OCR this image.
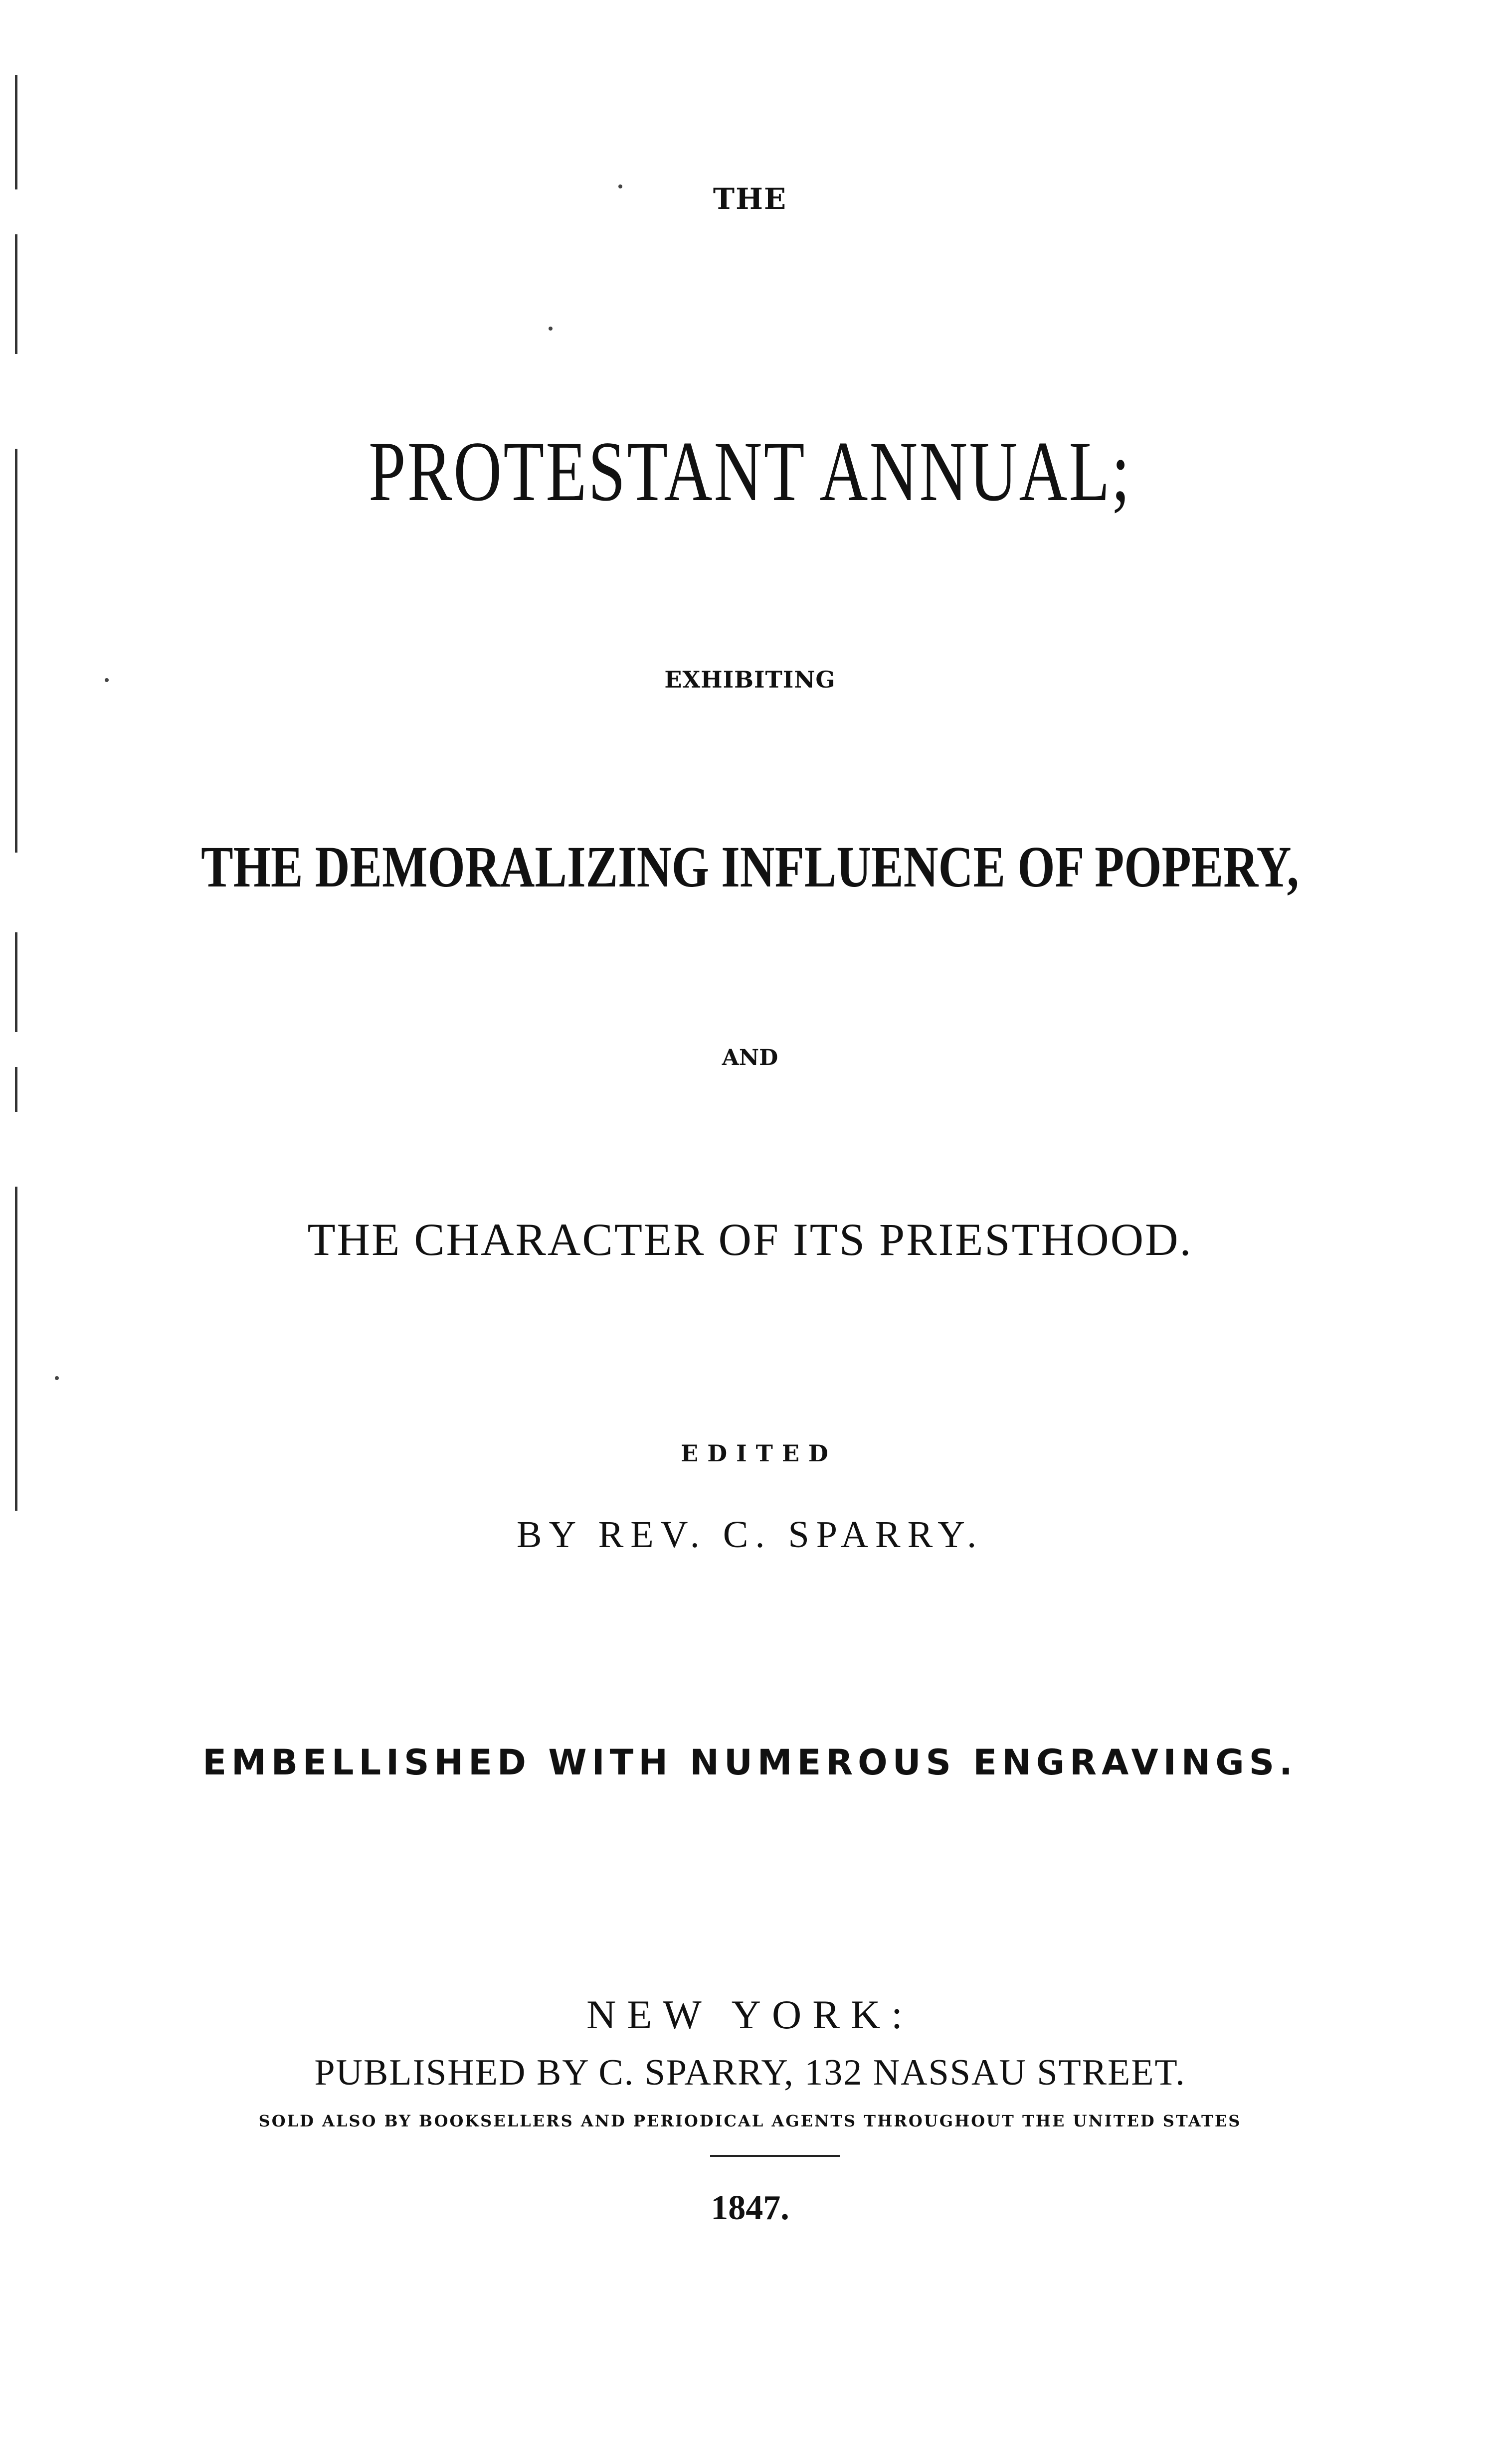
THE
PROTESTANT ANNUAL;
EXHIBITING
THE DEMORALIZING INFLUENCE OF POPERY,
AND
THE CHARACTER OF ITS PRIESTHOOD.
EDITED
BY REV. C. SPARRY.
EMBELLISHED WITH NUMEROUS ENGRAVINGS.
NEW YORK:
PUBLISHED BY C. SPARRY, 132 NASSAU STREET.
SOLD ALSO BY BOOKSELLERS AND PERIODICAL AGENTS THROUGHOUT THE UNITED STATES
1847.
